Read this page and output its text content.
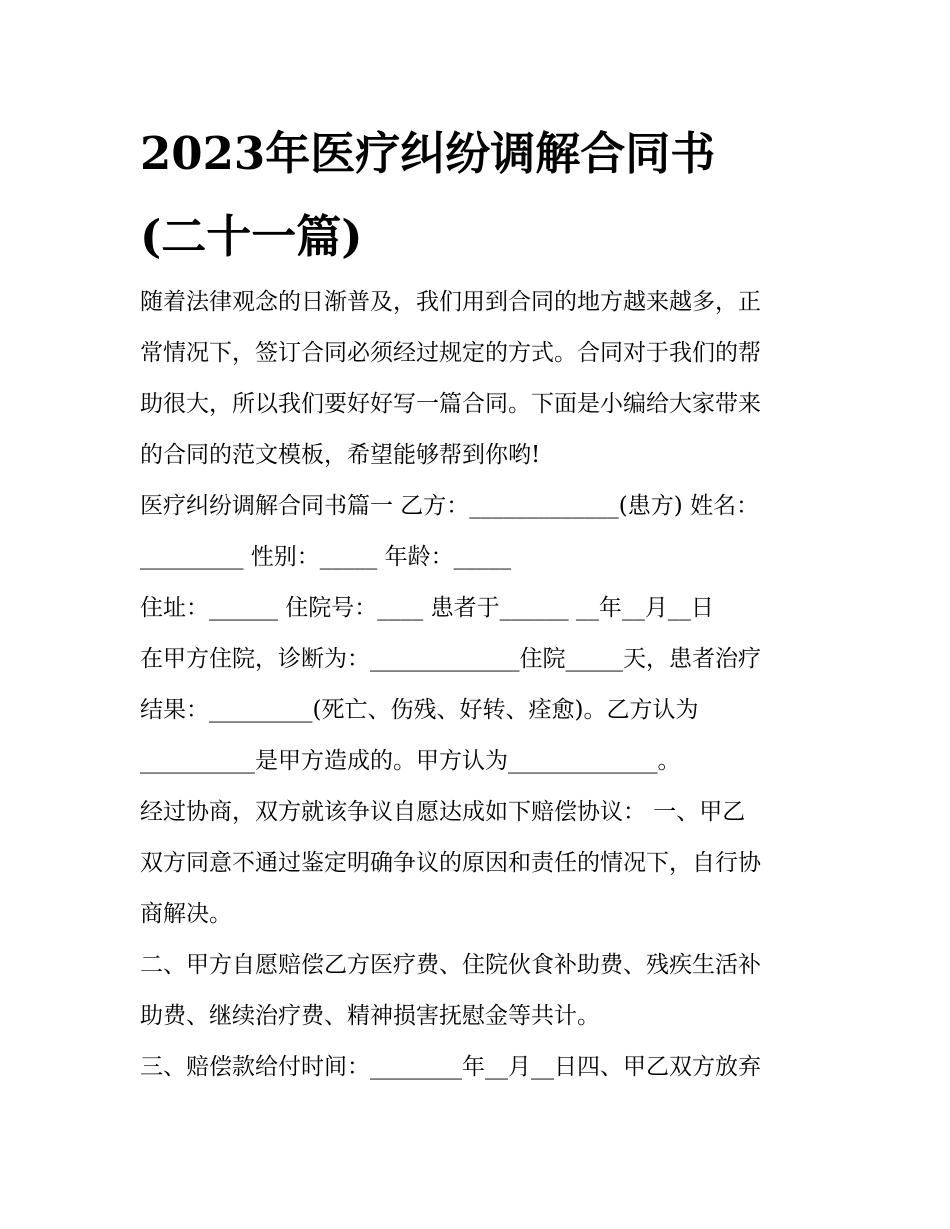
2023年医疗纠纷调解合同书
(二十一篇)
随着法律观念的日渐普及，我们用到合同的地方越来越多，正
常情况下，签订合同必须经过规定的方式。合同对于我们的帮
助很大，所以我们要好好写一篇合同。下面是小编给大家带来
的合同的范文模板，希望能够帮到你哟!
医疗纠纷调解合同书篇一 乙方：_____________(患方) 姓名：
_________ 性别：_____ 年龄：_____
住址：______ 住院号：____ 患者于______ __年__月__日
在甲方住院，诊断为：_____________住院_____天，患者治疗
结果：_________(死亡、伤残、好转、痊愈)。乙方认为
__________是甲方造成的。甲方认为_____________。
经过协商，双方就该争议自愿达成如下赔偿协议： 一、甲乙
双方同意不通过鉴定明确争议的原因和责任的情况下，自行协
商解决。
二、甲方自愿赔偿乙方医疗费、住院伙食补助费、残疾生活补
助费、继续治疗费、精神损害抚慰金等共计。
三、赔偿款给付时间：________年__月__日四、甲乙双方放弃
